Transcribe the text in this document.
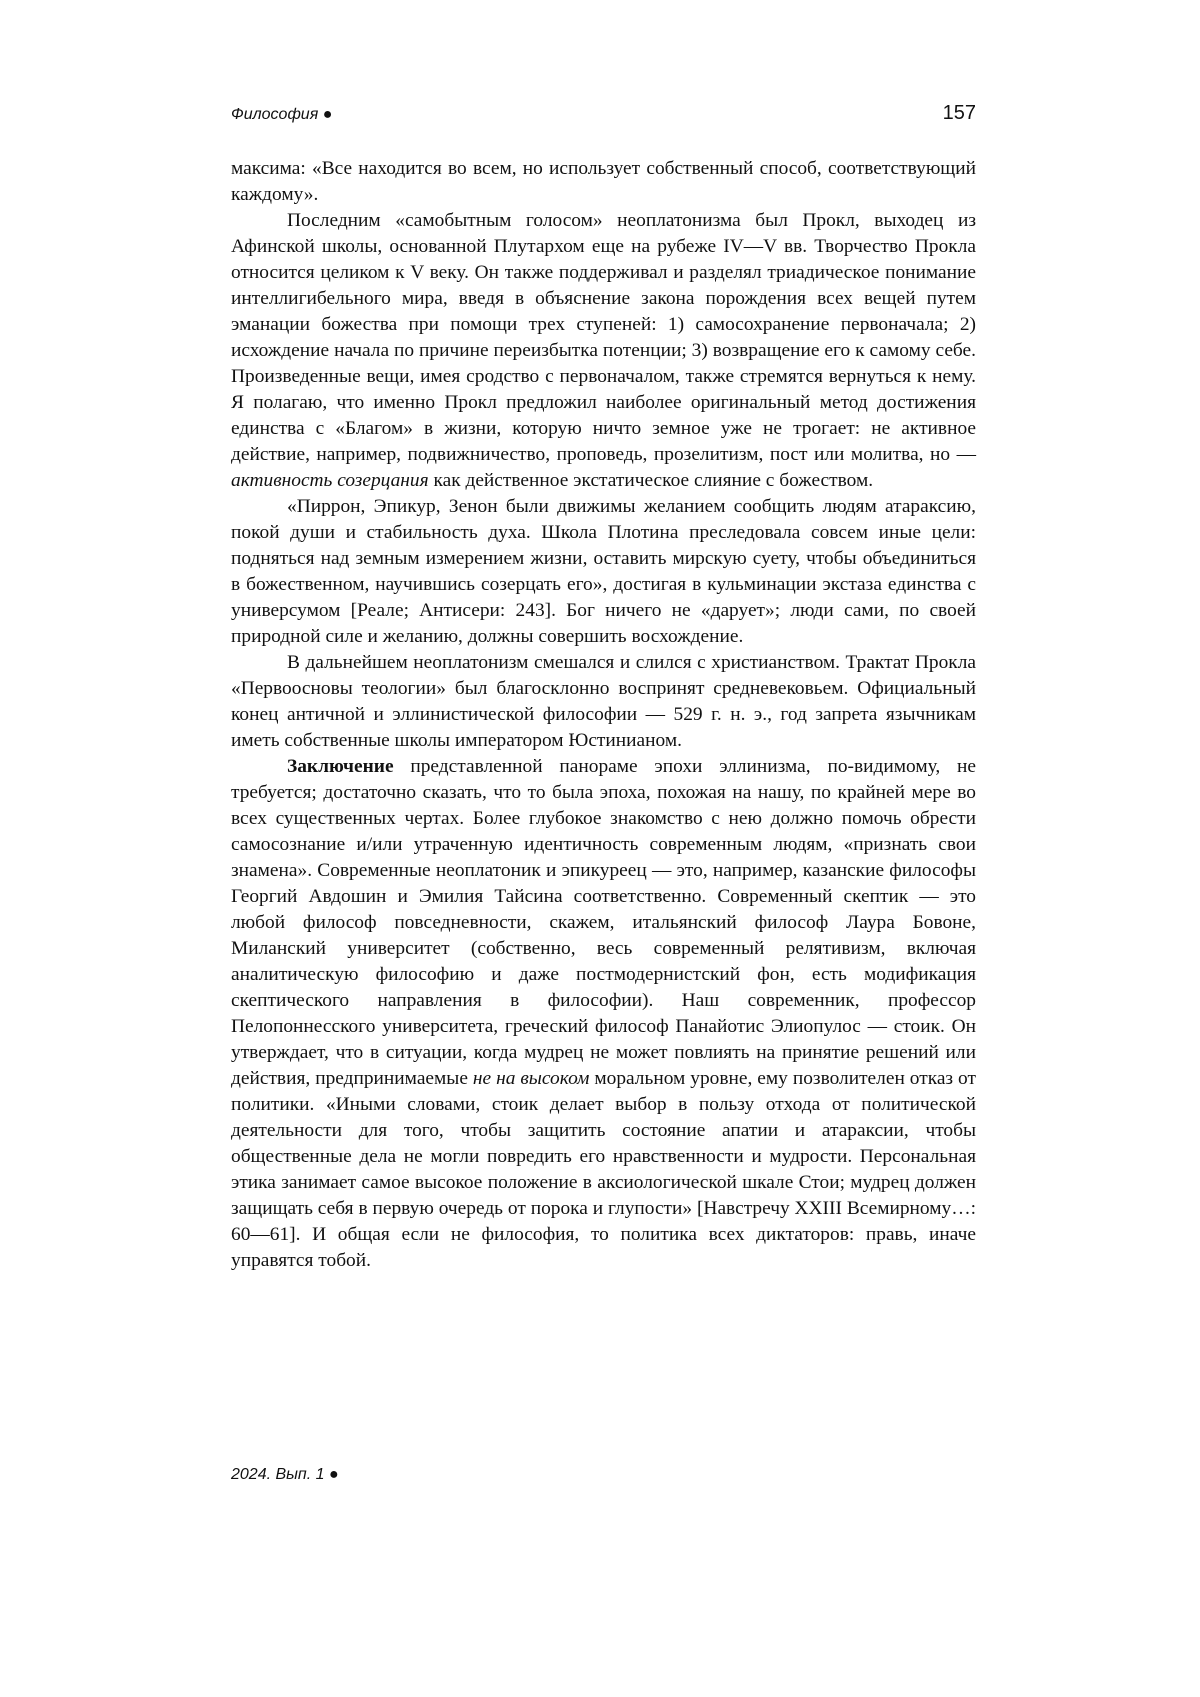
Философия ●	157

максима: «Все находится во всем, но использует собственный способ, соответствующий каждому».

Последним «самобытным голосом» неоплатонизма был Прокл, выходец из Афинской школы, основанной Плутархом еще на рубеже IV—V вв. Творчество Прокла относится целиком к V веку. Он также поддерживал и разделял триадическое понимание интеллигибельного мира, введя в объяснение закона порождения всех вещей путем эманации божества при помощи трех ступеней: 1) самосохранение первоначала; 2) исхождение начала по причине переизбытка потенции; 3) возвращение его к самому себе. Произведенные вещи, имея сродство с первоначалом, также стремятся вернуться к нему. Я полагаю, что именно Прокл предложил наиболее оригинальный метод достижения единства с «Благом» в жизни, которую ничто земное уже не трогает: не активное действие, например, подвижничество, проповедь, прозелитизм, пост или молитва, но — активность созерцания как действенное экстатическое слияние с божеством.

«Пиррон, Эпикур, Зенон были движимы желанием сообщить людям атараксию, покой души и стабильность духа. Школа Плотина преследовала совсем иные цели: подняться над земным измерением жизни, оставить мирскую суету, чтобы объединиться в божественном, научившись созерцать его», достигая в кульминации экстаза единства с универсумом [Реале; Антисери: 243]. Бог ничего не «дарует»; люди сами, по своей природной силе и желанию, должны совершить восхождение.

В дальнейшем неоплатонизм смешался и слился с христианством. Трактат Прокла «Первоосновы теологии» был благосклонно воспринят средневековьем. Официальный конец античной и эллинистической философии — 529 г. н. э., год запрета язычникам иметь собственные школы императором Юстинианом.

Заключение представленной панораме эпохи эллинизма, по-видимому, не требуется; достаточно сказать, что то была эпоха, похожая на нашу, по крайней мере во всех существенных чертах. Более глубокое знакомство с нею должно помочь обрести самосознание и/или утраченную идентичность современным людям, «признать свои знамена». Современные неоплатоник и эпикуреец — это, например, казанские философы Георгий Авдошин и Эмилия Тайсина соответственно. Современный скептик — это любой философ повседневности, скажем, итальянский философ Лаура Бовоне, Миланский университет (собственно, весь современный релятивизм, включая аналитическую философию и даже постмодернистский фон, есть модификация скептического направления в философии). Наш современник, профессор Пелопоннесского университета, греческий философ Панайотис Элиопулос — стоик. Он утверждает, что в ситуации, когда мудрец не может повлиять на принятие решений или действия, предпринимаемые не на высоком моральном уровне, ему позволителен отказ от политики. «Иными словами, стоик делает выбор в пользу отхода от политической деятельности для того, чтобы защитить состояние апатии и атараксии, чтобы общественные дела не могли повредить его нравственности и мудрости. Персональная этика занимает самое высокое положение в аксиологической шкале Стои; мудрец должен защищать себя в первую очередь от порока и глупости» [Навстречу XXIII Всемирному…: 60—61]. И общая если не философия, то политика всех диктаторов: правь, иначе управятся тобой.

2024. Вып. 1 ●
